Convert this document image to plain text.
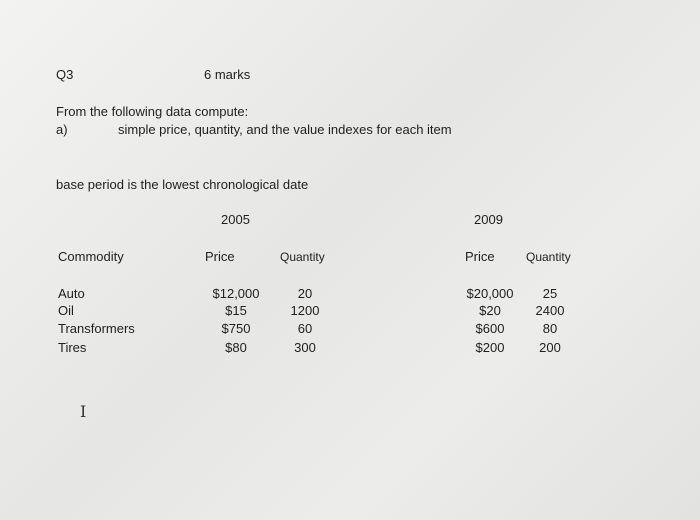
Q3	6 marks
From the following data compute:
a)	simple price, quantity, and the value indexes for each item
base period is the lowest chronological date
2005	2009
Commodity	Price	Quantity	Price	Quantity
Auto	$12,000	20	$20,000	25
Oil	$15	1200	$20	2400
Transformers	$750	60	$600	80
Tires	$80	300	$200	200
I
